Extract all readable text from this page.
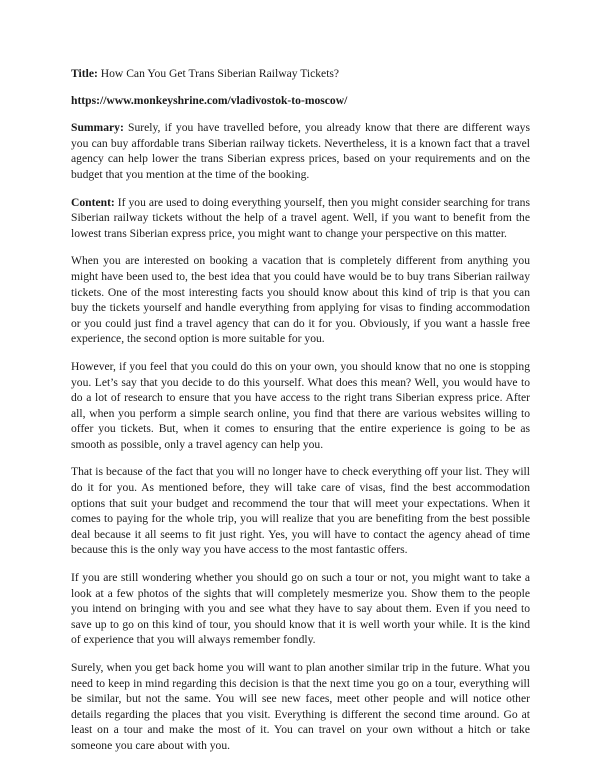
Title: How Can You Get Trans Siberian Railway Tickets?

https://www.monkeyshrine.com/vladivostok-to-moscow/

Summary: Surely, if you have travelled before, you already know that there are different ways you can buy affordable trans Siberian railway tickets. Nevertheless, it is a known fact that a travel agency can help lower the trans Siberian express prices, based on your requirements and on the budget that you mention at the time of the booking.

Content: If you are used to doing everything yourself, then you might consider searching for trans Siberian railway tickets without the help of a travel agent. Well, if you want to benefit from the lowest trans Siberian express price, you might want to change your perspective on this matter.

When you are interested on booking a vacation that is completely different from anything you might have been used to, the best idea that you could have would be to buy trans Siberian railway tickets. One of the most interesting facts you should know about this kind of trip is that you can buy the tickets yourself and handle everything from applying for visas to finding accommodation or you could just find a travel agency that can do it for you. Obviously, if you want a hassle free experience, the second option is more suitable for you.

However, if you feel that you could do this on your own, you should know that no one is stopping you. Let’s say that you decide to do this yourself. What does this mean? Well, you would have to do a lot of research to ensure that you have access to the right trans Siberian express price. After all, when you perform a simple search online, you find that there are various websites willing to offer you tickets. But, when it comes to ensuring that the entire experience is going to be as smooth as possible, only a travel agency can help you.

That is because of the fact that you will no longer have to check everything off your list. They will do it for you. As mentioned before, they will take care of visas, find the best accommodation options that suit your budget and recommend the tour that will meet your expectations. When it comes to paying for the whole trip, you will realize that you are benefiting from the best possible deal because it all seems to fit just right. Yes, you will have to contact the agency ahead of time because this is the only way you have access to the most fantastic offers.

If you are still wondering whether you should go on such a tour or not, you might want to take a look at a few photos of the sights that will completely mesmerize you. Show them to the people you intend on bringing with you and see what they have to say about them. Even if you need to save up to go on this kind of tour, you should know that it is well worth your while. It is the kind of experience that you will always remember fondly.

Surely, when you get back home you will want to plan another similar trip in the future. What you need to keep in mind regarding this decision is that the next time you go on a tour, everything will be similar, but not the same. You will see new faces, meet other people and will notice other details regarding the places that you visit. Everything is different the second time around. Go at least on a tour and make the most of it. You can travel on your own without a hitch or take someone you care about with you.
